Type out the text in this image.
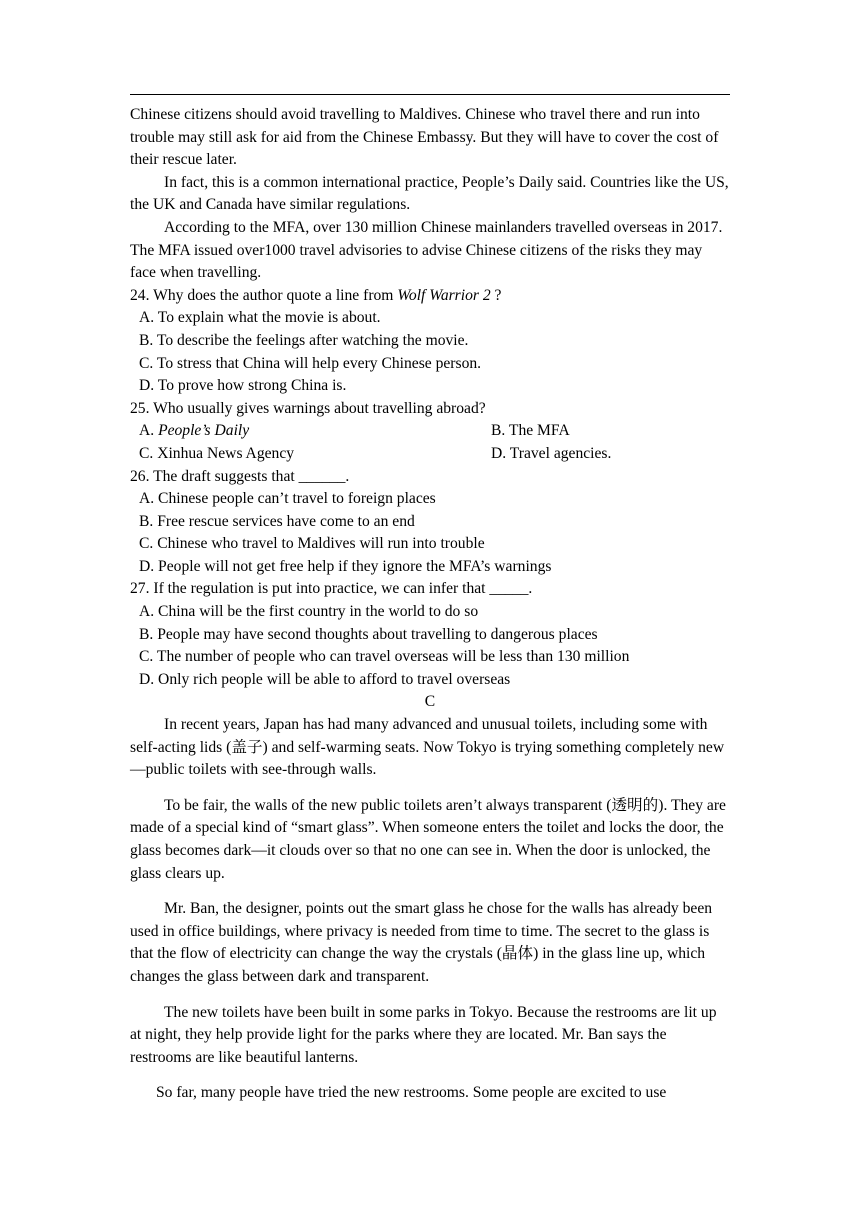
Chinese citizens should avoid travelling to Maldives. Chinese who travel there and run into trouble may still ask for aid from the Chinese Embassy. But they will have to cover the cost of their rescue later.

In fact, this is a common international practice, People’s Daily said. Countries like the US, the UK and Canada have similar regulations.

According to the MFA, over 130 million Chinese mainlanders travelled overseas in 2017. The MFA issued over1000 travel advisories to advise Chinese citizens of the risks they may face when travelling.

24. Why does the author quote a line from Wolf Warrior 2 ?

A. To explain what the movie is about.

B. To describe the feelings after watching the movie.

C. To stress that China will help every Chinese person.

D. To prove how strong China is.

25. Who usually gives warnings about travelling abroad?

A. People’s Daily	B. The MFA
C. Xinhua News Agency	D. Travel agencies.

26. The draft suggests that ______.

A. Chinese people can’t travel to foreign places

B. Free rescue services have come to an end

C. Chinese who travel to Maldives will run into trouble

D. People will not get free help if they ignore the MFA’s warnings

27. If the regulation is put into practice, we can infer that _____.

A. China will be the first country in the world to do so

B. People may have second thoughts about travelling to dangerous places

C. The number of people who can travel overseas will be less than 130 million

D. Only rich people will be able to afford to travel overseas

C

In recent years, Japan has had many advanced and unusual toilets, including some with self-acting lids (盖子) and self-warming seats. Now Tokyo is trying something completely new—public toilets with see-through walls.

To be fair, the walls of the new public toilets aren’t always transparent (透明的). They are made of a special kind of “smart glass”. When someone enters the toilet and locks the door, the glass becomes dark—it clouds over so that no one can see in. When the door is unlocked, the glass clears up.

Mr. Ban, the designer, points out the smart glass he chose for the walls has already been used in office buildings, where privacy is needed from time to time. The secret to the glass is that the flow of electricity can change the way the crystals (晶体) in the glass line up, which changes the glass between dark and transparent.

The new toilets have been built in some parks in Tokyo. Because the restrooms are lit up at night, they help provide light for the parks where they are located. Mr. Ban says the restrooms are like beautiful lanterns.

So far, many people have tried the new restrooms. Some people are excited to use
